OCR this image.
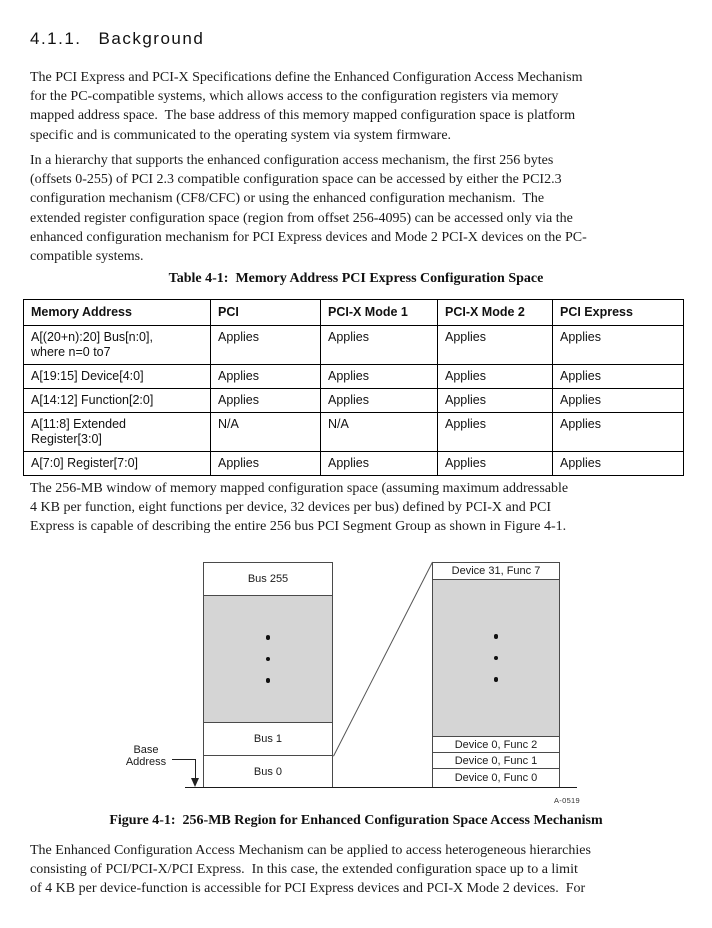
4.1.1. Background
The PCI Express and PCI-X Specifications define the Enhanced Configuration Access Mechanism
for the PC-compatible systems, which allows access to the configuration registers via memory
mapped address space.  The base address of this memory mapped configuration space is platform
specific and is communicated to the operating system via system firmware.
In a hierarchy that supports the enhanced configuration access mechanism, the first 256 bytes
(offsets 0-255) of PCI 2.3 compatible configuration space can be accessed by either the PCI2.3
configuration mechanism (CF8/CFC) or using the enhanced configuration mechanism.  The
extended register configuration space (region from offset 256-4095) can be accessed only via the
enhanced configuration mechanism for PCI Express devices and Mode 2 PCI-X devices on the PC-
compatible systems.
Table 4-1:  Memory Address PCI Express Configuration Space
Memory Address	PCI	PCI-X Mode 1	PCI-X Mode 2	PCI Express

A[(20+n):20] Bus[n:0],
where n=0 to7	Applies	Applies	Applies	Applies

A[19:15] Device[4:0]	Applies	Applies	Applies	Applies

A[14:12] Function[2:0]	Applies	Applies	Applies	Applies

A[11:8] Extended
Register[3:0]	N/A	N/A	Applies	Applies

A[7:0] Register[7:0]	Applies	Applies	Applies	Applies
The 256-MB window of memory mapped configuration space (assuming maximum addressable
4 KB per function, eight functions per device, 32 devices per bus) defined by PCI-X and PCI
Express is capable of describing the entire 256 bus PCI Segment Group as shown in Figure 4-1.
Bus 255
Bus 1
Bus 0
Device 31, Func 7
Device 0, Func 2
Device 0, Func 1
Device 0, Func 0
Base
Address
A-0519
Figure 4-1:  256-MB Region for Enhanced Configuration Space Access Mechanism
The Enhanced Configuration Access Mechanism can be applied to access heterogeneous hierarchies
consisting of PCI/PCI-X/PCI Express.  In this case, the extended configuration space up to a limit
of 4 KB per device-function is accessible for PCI Express devices and PCI-X Mode 2 devices.  For
